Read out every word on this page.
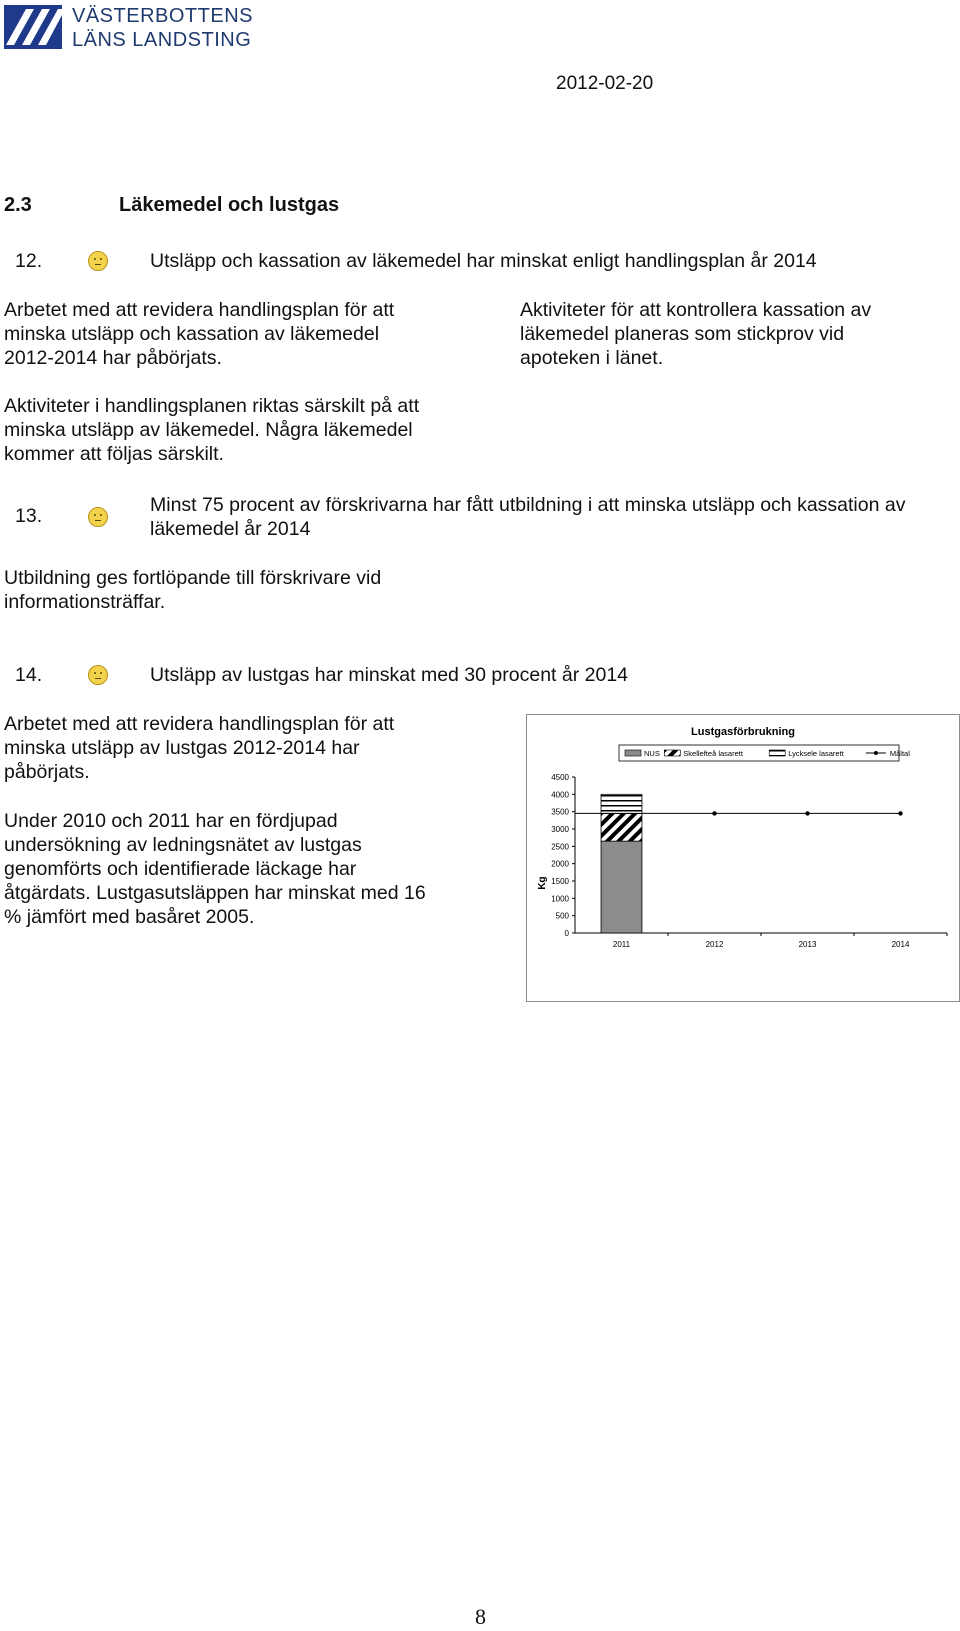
VÄSTERBOTTENS
LÄNS LANDSTING
2012-02-20
2.3	Läkemedel och lustgas
12.	Utsläpp och kassation av läkemedel har minskat enligt handlingsplan år 2014
Arbetet med att revidera handlingsplan för att minska utsläpp och kassation av läkemedel 2012-2014 har påbörjats.
Aktiviteter för att kontrollera kassation av läkemedel planeras som stickprov vid apoteken i länet.
Aktiviteter i handlingsplanen riktas särskilt på att minska utsläpp av läkemedel. Några läkemedel kommer att följas särskilt.
13.	Minst 75 procent av förskrivarna har fått utbildning i att minska utsläpp och kassation av läkemedel år 2014
Utbildning ges fortlöpande till förskrivare vid informationsträffar.
14.	Utsläpp av lustgas har minskat med 30 procent år 2014
Arbetet med att revidera handlingsplan för att minska utsläpp av lustgas 2012-2014 har påbörjats.
Under 2010 och 2011 har en fördjupad undersökning av ledningsnätet av lustgas genomförts och identifierade läckage har åtgärdats. Lustgasutsläppen har minskat med 16 % jämfört med basåret 2005.
Lustgasförbrukning
NUS	Skellefteå lasarett	Lycksele lasarett	Måltal
0
500
1000
1500
2000
2500
3000
3500
4000
4500
2011	2012	2013	2014
Kg
8
